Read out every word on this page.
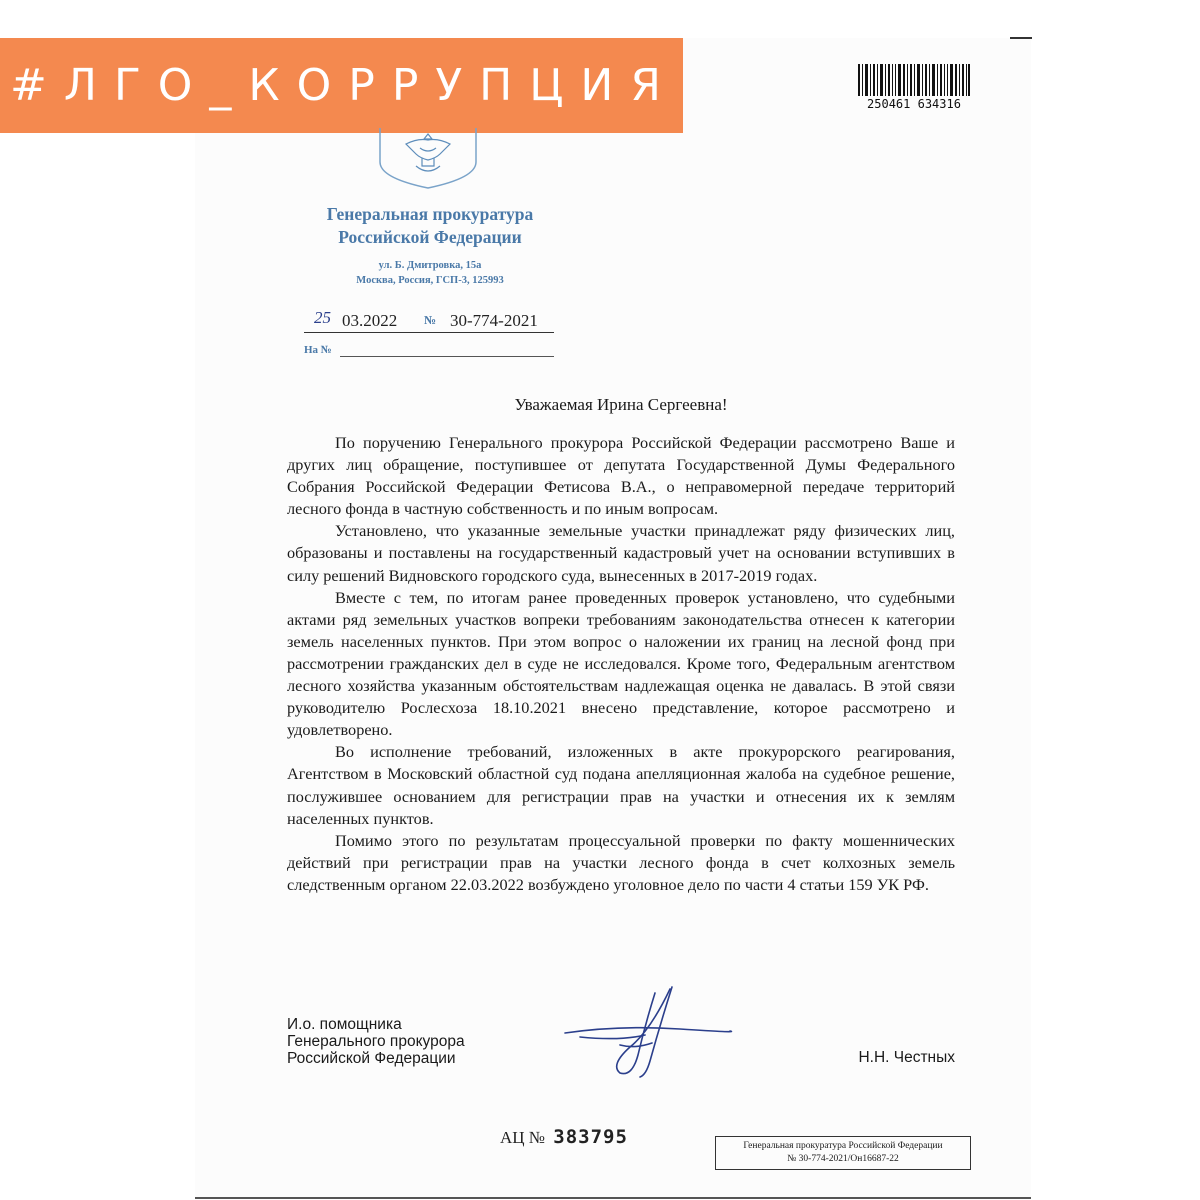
#ЛГО_КОРРУПЦИЯ	250461 634316
Генеральная прокуратура
Российской Федерации
ул. Б. Дмитровка, 15а
Москва, Россия, ГСП-3, 125993
25 03.2022 № 30-774-2021
На №
Уважаемая Ирина Сергеевна!

По поручению Генерального прокурора Российской Федерации рассмотрено Ваше и других лиц обращение, поступившее от депутата Государственной Думы Федерального Собрания Российской Федерации Фетисова В.А., о неправомерной передаче территорий лесного фонда в частную собственность и по иным вопросам.

Установлено, что указанные земельные участки принадлежат ряду физических лиц, образованы и поставлены на государственный кадастровый учет на основании вступивших в силу решений Видновского городского суда, вынесенных в 2017-2019 годах.

Вместе с тем, по итогам ранее проведенных проверок установлено, что судебными актами ряд земельных участков вопреки требованиям законодательства отнесен к категории земель населенных пунктов. При этом вопрос о наложении их границ на лесной фонд при рассмотрении гражданских дел в суде не исследовался. Кроме того, Федеральным агентством лесного хозяйства указанным обстоятельствам надлежащая оценка не давалась. В этой связи руководителю Рослесхоза 18.10.2021 внесено представление, которое рассмотрено и удовлетворено.

Во исполнение требований, изложенных в акте прокурорского реагирования, Агентством в Московский областной суд подана апелляционная жалоба на судебное решение, послужившее основанием для регистрации прав на участки и отнесения их к землям населенных пунктов.

Помимо этого по результатам процессуальной проверки по факту мошеннических действий при регистрации прав на участки лесного фонда в счет колхозных земель следственным органом 22.03.2022 возбуждено уголовное дело по части 4 статьи 159 УК РФ.

И.о. помощника
Генерального прокурора
Российской Федерации	Н.Н. Честных
АЦ № 383795	Генеральная прокуратура Российской Федерации
№ 30-774-2021/Он16687-22
